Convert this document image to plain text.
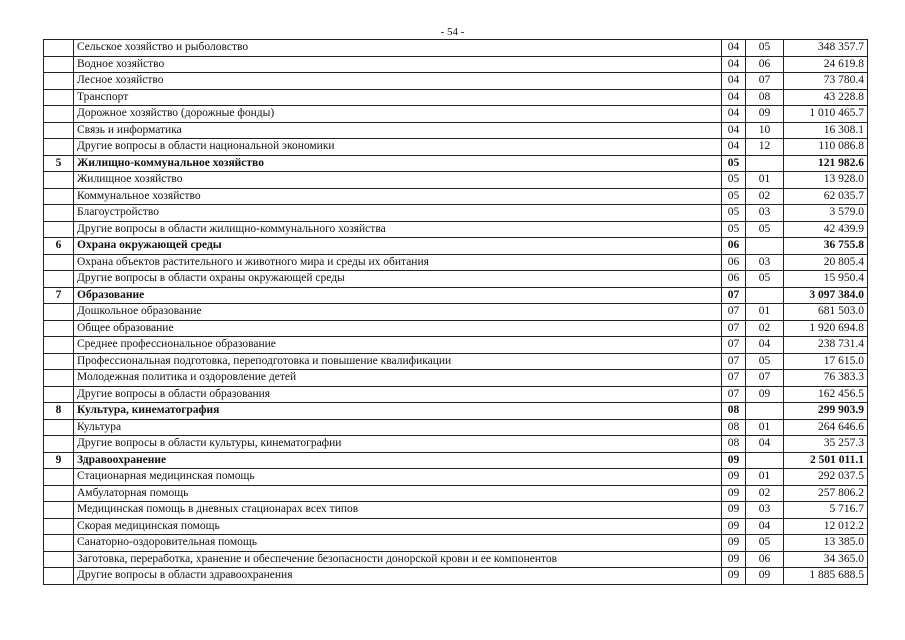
- 54 -
	Сельское хозяйство и рыболовство	04	05	348 357.7
	Водное хозяйство	04	06	24 619.8
	Лесное хозяйство	04	07	73 780.4
	Транспорт	04	08	43 228.8
	Дорожное хозяйство (дорожные фонды)	04	09	1 010 465.7
	Связь и информатика	04	10	16 308.1
	Другие вопросы в области национальной экономики	04	12	110 086.8
5	Жилищно-коммунальное хозяйство	05		121 982.6
	Жилищное хозяйство	05	01	13 928.0
	Коммунальное хозяйство	05	02	62 035.7
	Благоустройство	05	03	3 579.0
	Другие вопросы в области жилищно-коммунального хозяйства	05	05	42 439.9
6	Охрана окружающей среды	06		36 755.8
	Охрана объектов растительного и животного мира и среды их обитания	06	03	20 805.4
	Другие вопросы в области охраны окружающей среды	06	05	15 950.4
7	Образование	07		3 097 384.0
	Дошкольное образование	07	01	681 503.0
	Общее образование	07	02	1 920 694.8
	Среднее профессиональное образование	07	04	238 731.4
	Профессиональная подготовка, переподготовка и повышение квалификации	07	05	17 615.0
	Молодежная политика и оздоровление детей	07	07	76 383.3
	Другие вопросы в области образования	07	09	162 456.5
8	Культура, кинематография	08		299 903.9
	Культура	08	01	264 646.6
	Другие вопросы в области культуры, кинематографии	08	04	35 257.3
9	Здравоохранение	09		2 501 011.1
	Стационарная медицинская помощь	09	01	292 037.5
	Амбулаторная помощь	09	02	257 806.2
	Медицинская помощь в дневных стационарах всех типов	09	03	5 716.7
	Скорая медицинская помощь	09	04	12 012.2
	Санаторно-оздоровительная помощь	09	05	13 385.0
	Заготовка, переработка, хранение и обеспечение безопасности донорской крови и ее компонентов	09	06	34 365.0
	Другие вопросы в области здравоохранения	09	09	1 885 688.5
